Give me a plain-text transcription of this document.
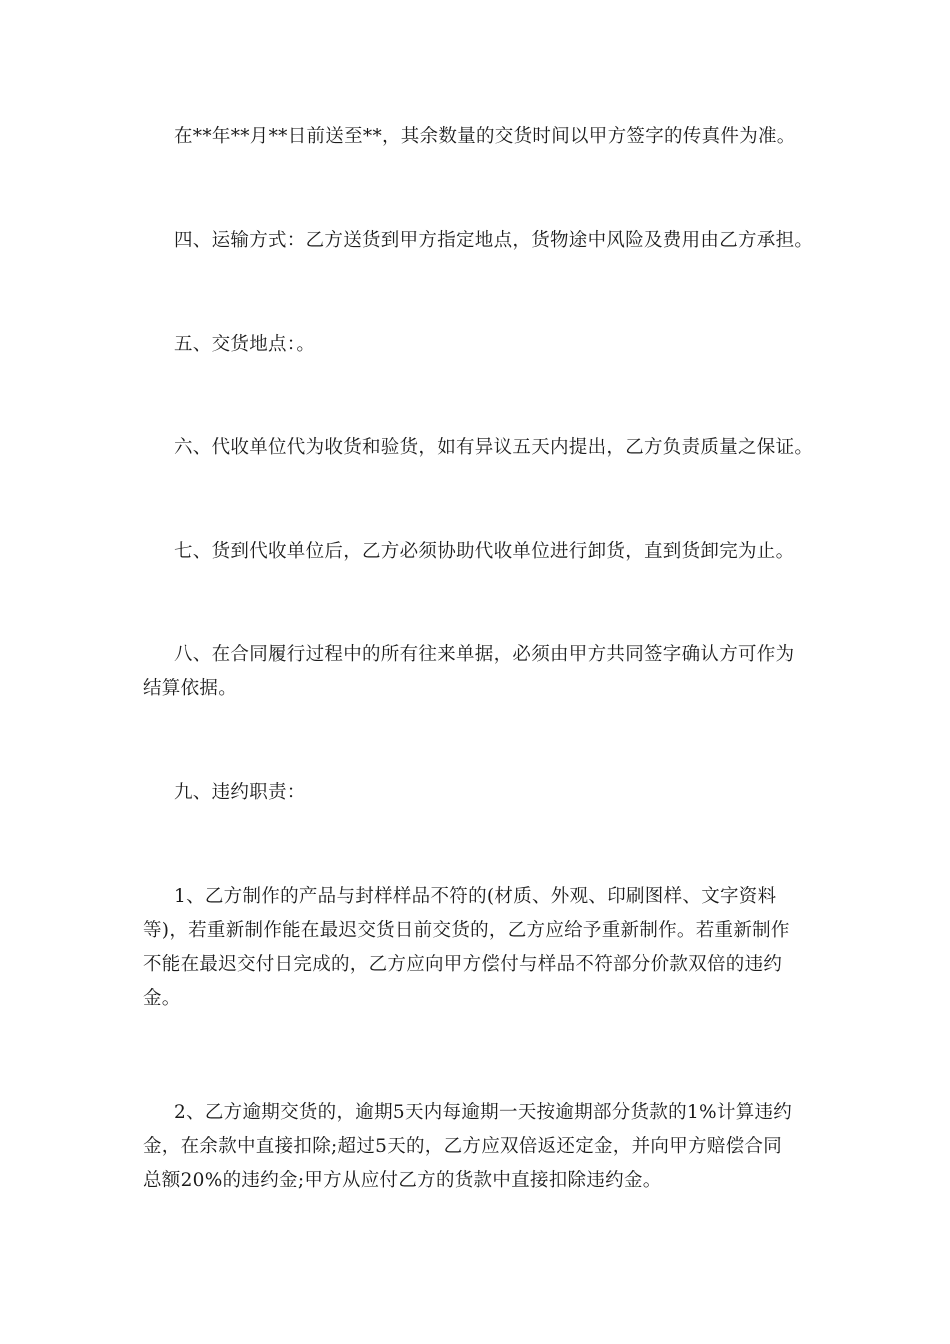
在**年**月**日前送至**，其余数量的交货时间以甲方签字的传真件为准。

四、运输方式：乙方送货到甲方指定地点，货物途中风险及费用由乙方承担。

五、交货地点：。

六、代收单位代为收货和验货，如有异议五天内提出，乙方负责质量之保证。

七、货到代收单位后，乙方必须协助代收单位进行卸货，直到货卸完为止。

八、在合同履行过程中的所有往来单据，必须由甲方共同签字确认方可作为
结算依据。

九、违约职责：

1、乙方制作的产品与封样样品不符的(材质、外观、印刷图样、文字资料
等)，若重新制作能在最迟交货日前交货的，乙方应给予重新制作。若重新制作
不能在最迟交付日完成的，乙方应向甲方偿付与样品不符部分价款双倍的违约
金。

2、乙方逾期交货的，逾期5天内每逾期一天按逾期部分货款的1%计算违约
金，在余款中直接扣除;超过5天的，乙方应双倍返还定金，并向甲方赔偿合同
总额20%的违约金;甲方从应付乙方的货款中直接扣除违约金。
